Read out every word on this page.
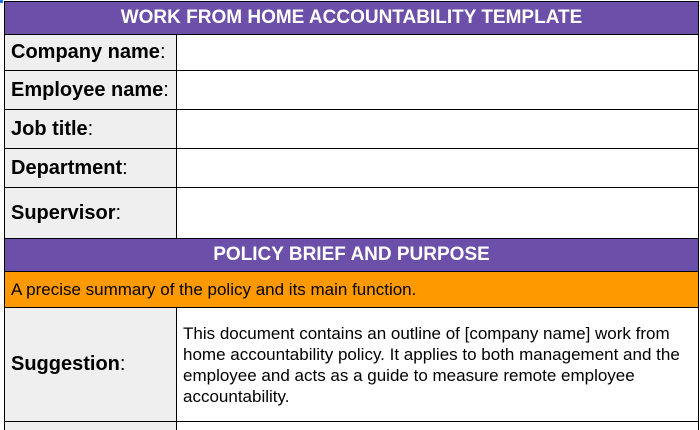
WORK FROM HOME ACCOUNTABILITY TEMPLATE	
Company name:	
Employee name:	
Job title:	
Department:	
Supervisor:	
POLICY BRIEF AND PURPOSE	
A precise summary of the policy and its main function.	
Suggestion:	This document contains an outline of [company name] work from home accountability policy. It applies to both management and the employee and acts as a guide to measure remote employee accountability.
